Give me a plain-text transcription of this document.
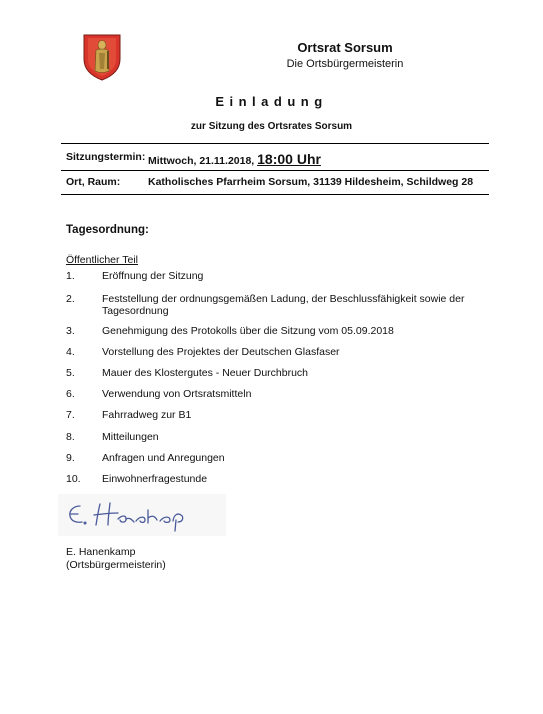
Ortsrat Sorsum
Die Ortsbürgermeisterin
Einladung
zur Sitzung des Ortsrates Sorsum
Sitzungstermin: Mittwoch, 21.11.2018, 18:00 Uhr
Ort, Raum:	Katholisches Pfarrheim Sorsum, 31139 Hildesheim, Schildweg 28
Tagesordnung:
Öffentlicher Teil
1.	Eröffnung der Sitzung
2.	Feststellung der ordnungsgemäßen Ladung, der Beschlussfähigkeit sowie der Tagesordnung
3.	Genehmigung des Protokolls über die Sitzung vom 05.09.2018
4.	Vorstellung des Projektes der Deutschen Glasfaser
5.	Mauer des Klostergutes - Neuer Durchbruch
6.	Verwendung von Ortsratsmitteln
7.	Fahrradweg zur B1
8.	Mitteilungen
9.	Anfragen und Anregungen
10. Einwohnerfragestunde
E. Hanenkamp
(Ortsbürgermeisterin)
